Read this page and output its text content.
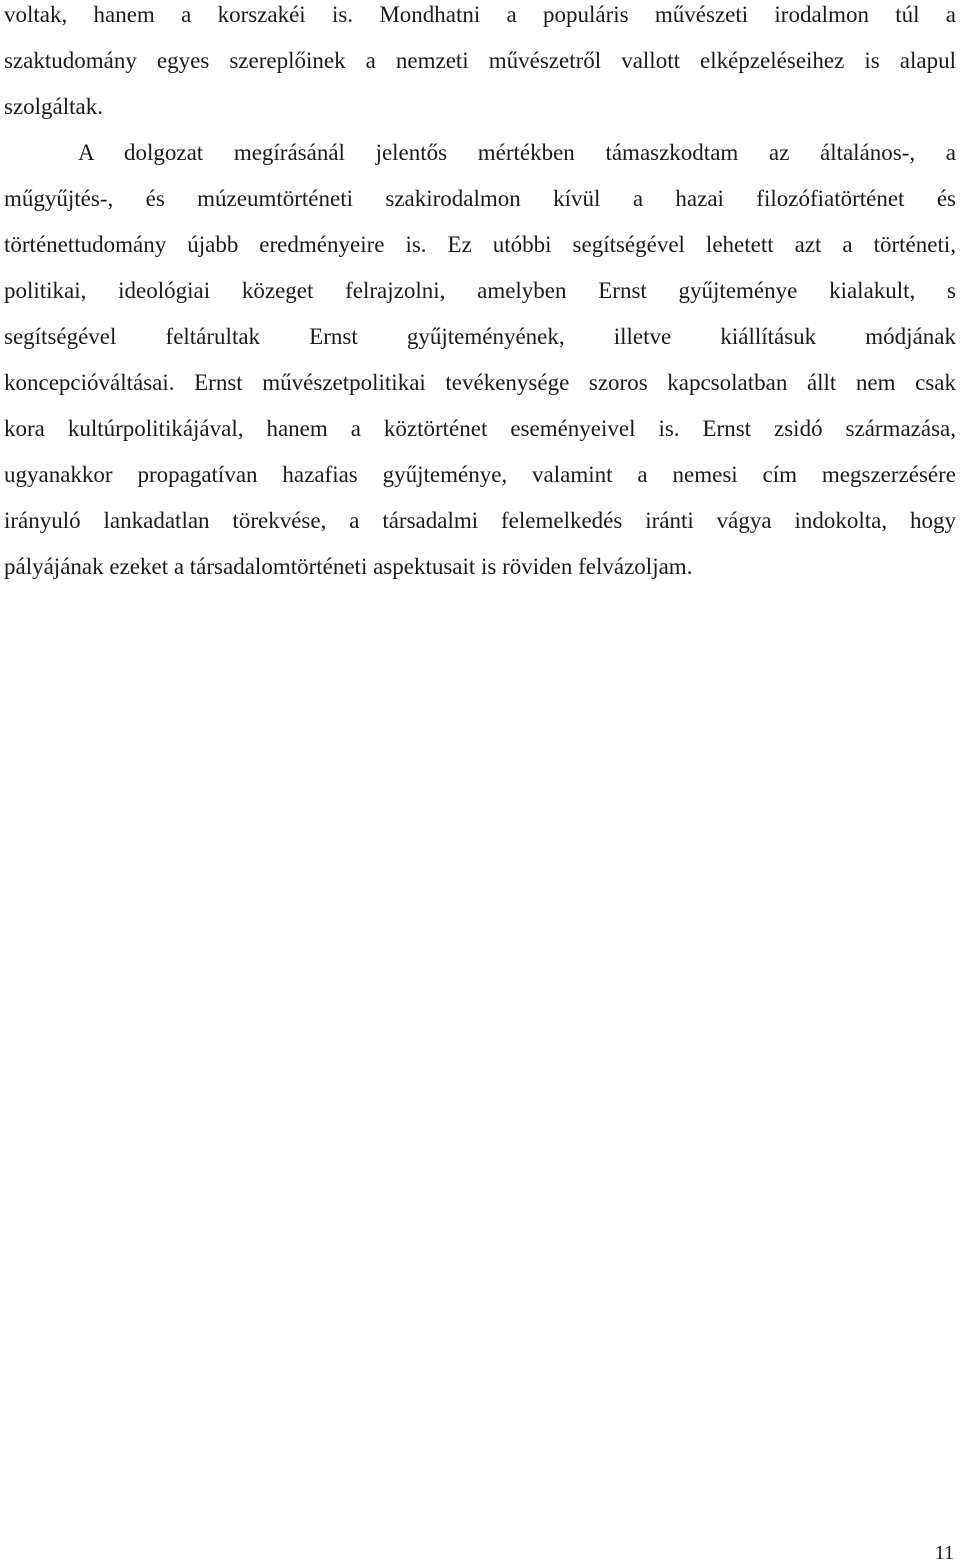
voltak, hanem a korszakéi is. Mondhatni a populáris művészeti irodalmon túl a
szaktudomány egyes szereplőinek a nemzeti művészetről vallott elképzeléseihez is alapul
szolgáltak.
A dolgozat megírásánál jelentős mértékben támaszkodtam az általános-, a
műgyűjtés-, és múzeumtörténeti szakirodalmon kívül a hazai filozófiatörténet és
történettudomány újabb eredményeire is. Ez utóbbi segítségével lehetett azt a történeti,
politikai, ideológiai közeget felrajzolni, amelyben Ernst gyűjteménye kialakult, s
segítségével feltárultak Ernst gyűjteményének, illetve kiállításuk módjának
koncepcióváltásai. Ernst művészetpolitikai tevékenysége szoros kapcsolatban állt nem csak
kora kultúrpolitikájával, hanem a köztörténet eseményeivel is. Ernst zsidó származása,
ugyanakkor propagatívan hazafias gyűjteménye, valamint a nemesi cím megszerzésére
irányuló lankadatlan törekvése, a társadalmi felemelkedés iránti vágya indokolta, hogy
pályájának ezeket a társadalomtörténeti aspektusait is röviden felvázoljam.
11
